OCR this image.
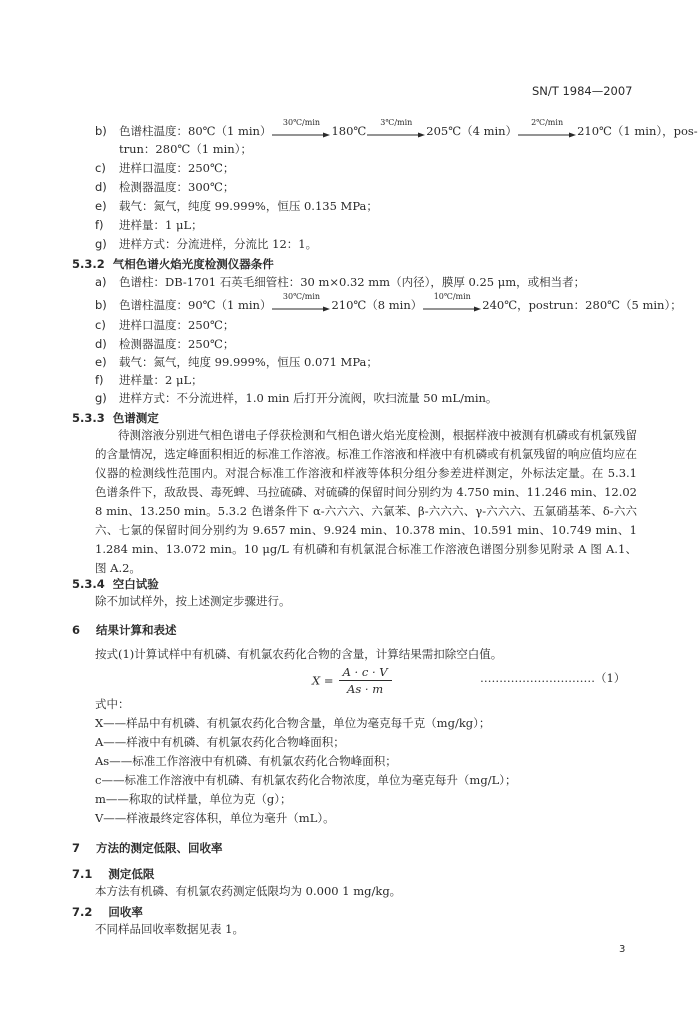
SN/T 1984—2007
b) 色谱柱温度：80℃（1 min）
30℃/min
180℃
3℃/min
205℃（4 min）
2℃/min
210℃（1 min），pos-
trun：280℃（1 min）；
c) 进样口温度：250℃；
d) 检测器温度：300℃；
e) 载气：氮气，纯度 99.999%，恒压 0.135 MPa；
f) 进样量：1 μL；
g) 进样方式：分流进样，分流比 12：1。
5.3.2 气相色谱火焰光度检测仪器条件
a) 色谱柱：DB-1701 石英毛细管柱：30 m×0.32 mm（内径），膜厚 0.25 μm，或相当者；
b) 色谱柱温度：90℃（1 min）
30℃/min
210℃（8 min）
10℃/min
240℃，postrun：280℃（5 min）；
c) 进样口温度：250℃；
d) 检测器温度：250℃；
e) 载气：氮气，纯度 99.999%，恒压 0.071 MPa；
f) 进样量：2 μL；
g) 进样方式：不分流进样，1.0 min 后打开分流阀，吹扫流量 50 mL/min。
5.3.3 色谱测定
待测溶液分别进气相色谱电子俘获检测和气相色谱火焰光度检测，根据样液中被测有机磷或有机氯残留的含量情况，选定峰面积相近的标准工作溶液。标准工作溶液和样液中有机磷或有机氯残留的响应值均应在仪器的检测线性范围内。对混合标准工作溶液和样液等体积分组分参差进样测定，外标法定量。在 5.3.1 色谱条件下，敌敌畏、毒死蜱、马拉硫磷、对硫磷的保留时间分别约为 4.750 min、11.246 min、12.028 min、13.250 min。5.3.2 色谱条件下 α-六六六、六氯苯、β-六六六、γ-六六六、五氯硝基苯、δ-六六六、七氯的保留时间分别约为 9.657 min、9.924 min、10.378 min、10.591 min、10.749 min、11.284 min、13.072 min。10 μg/L 有机磷和有机氯混合标准工作溶液色谱图分别参见附录 A 图 A.1、图 A.2。
5.3.4 空白试验
除不加试样外，按上述测定步骤进行。
6 结果计算和表述
按式(1)计算试样中有机磷、有机氯农药化合物的含量，计算结果需扣除空白值。
$X = \frac{A \cdot c \cdot V}{As \cdot m}$	…………………………（1）
式中：
X——样品中有机磷、有机氯农药化合物含量，单位为毫克每千克（mg/kg）；
A——样液中有机磷、有机氯农药化合物峰面积；
As——标准工作溶液中有机磷、有机氯农药化合物峰面积；
c——标准工作溶液中有机磷、有机氯农药化合物浓度，单位为毫克每升（mg/L）；
m——称取的试样量，单位为克（g）；
V——样液最终定容体积，单位为毫升（mL）。
7 方法的测定低限、回收率
7.1 测定低限
本方法有机磷、有机氯农药测定低限均为 0.000 1 mg/kg。
7.2 回收率
不同样品回收率数据见表 1。
3
